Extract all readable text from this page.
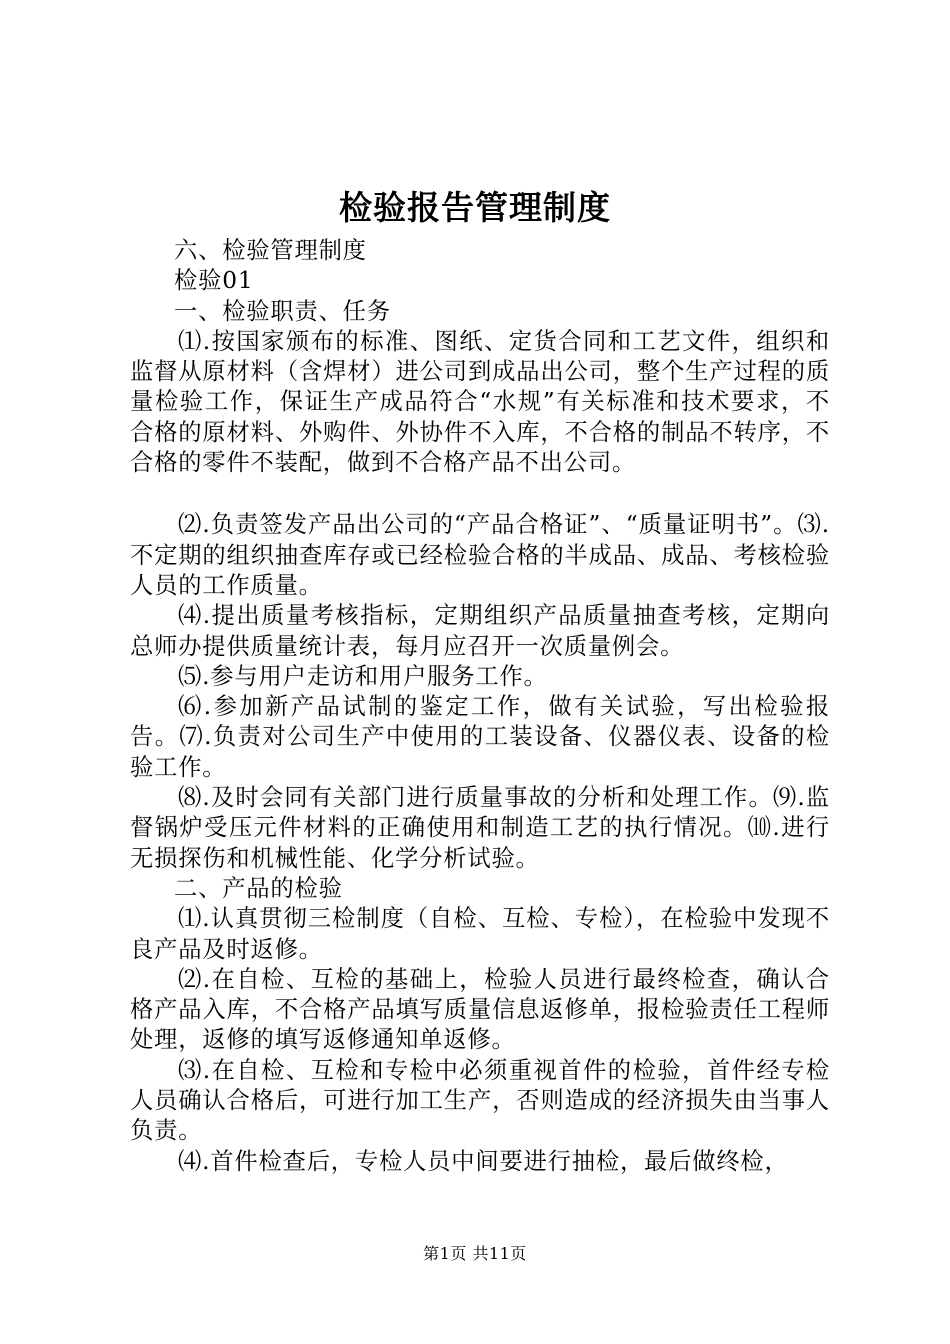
检验报告管理制度

六、检验管理制度

检验01

一、检验职责、任务

⑴.按国家颁布的标准、图纸、定货合同和工艺文件，组织和监督从原材料（含焊材）进公司到成品出公司，整个生产过程的质量检验工作，保证生产成品符合“水规”有关标准和技术要求，不合格的原材料、外购件、外协件不入库，不合格的制品不转序，不合格的零件不装配，做到不合格产品不出公司。

⑵.负责签发产品出公司的“产品合格证”、“质量证明书”。⑶.不定期的组织抽查库存或已经检验合格的半成品、成品、考核检验人员的工作质量。

⑷.提出质量考核指标，定期组织产品质量抽查考核，定期向总师办提供质量统计表，每月应召开一次质量例会。

⑸.参与用户走访和用户服务工作。

⑹.参加新产品试制的鉴定工作，做有关试验，写出检验报告。⑺.负责对公司生产中使用的工装设备、仪器仪表、设备的检验工作。

⑻.及时会同有关部门进行质量事故的分析和处理工作。⑼.监督锅炉受压元件材料的正确使用和制造工艺的执行情况。⑽.进行无损探伤和机械性能、化学分析试验。

二、产品的检验

⑴.认真贯彻三检制度（自检、互检、专检），在检验中发现不良产品及时返修。

⑵.在自检、互检的基础上，检验人员进行最终检查，确认合格产品入库，不合格产品填写质量信息返修单，报检验责任工程师处理，返修的填写返修通知单返修。

⑶.在自检、互检和专检中必须重视首件的检验，首件经专检人员确认合格后，可进行加工生产，否则造成的经济损失由当事人负责。

⑷.首件检查后，专检人员中间要进行抽检，最后做终检，

第1页 共11页
